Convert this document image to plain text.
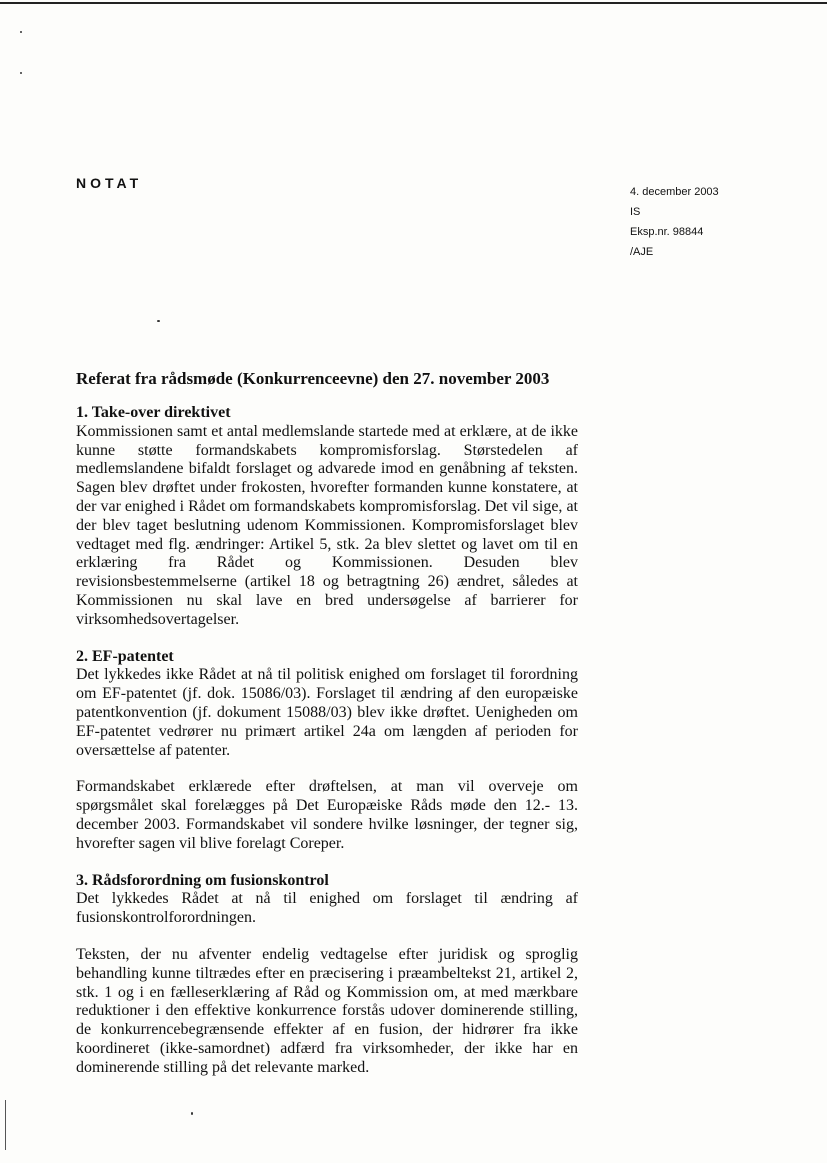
NOTAT
4. december 2003
IS
Eksp.nr. 98844
/AJE
Referat fra rådsmøde (Konkurrenceevne) den 27. november 2003
1. Take-over direktivet
Kommissionen samt et antal medlemslande startede med at erklære, at de ikke kunne støtte formandskabets kompromisforslag. Størstedelen af medlemslandene bifaldt forslaget og advarede imod en genåbning af teksten. Sagen blev drøftet under frokosten, hvorefter formanden kunne konstatere, at der var enighed i Rådet om formandskabets kompromisforslag. Det vil sige, at der blev taget beslutning udenom Kommissionen. Kompromisforslaget blev vedtaget med flg. ændringer: Artikel 5, stk. 2a blev slettet og lavet om til en erklæring fra Rådet og Kommissionen. Desuden blev revisionsbestemmelserne (artikel 18 og betragtning 26) ændret, således at Kommissionen nu skal lave en bred undersøgelse af barrierer for virksomhedsovertagelser.
2. EF-patentet
Det lykkedes ikke Rådet at nå til politisk enighed om forslaget til forordning om EF-patentet (jf. dok. 15086/03). Forslaget til ændring af den europæiske patentkonvention (jf. dokument 15088/03) blev ikke drøftet. Uenigheden om EF-patentet vedrører nu primært artikel 24a om længden af perioden for oversættelse af patenter.
Formandskabet erklærede efter drøftelsen, at man vil overveje om spørgsmålet skal forelægges på Det Europæiske Råds møde den 12.- 13. december 2003. Formandskabet vil sondere hvilke løsninger, der tegner sig, hvorefter sagen vil blive forelagt Coreper.
3. Rådsforordning om fusionskontrol
Det lykkedes Rådet at nå til enighed om forslaget til ændring af fusionskontrolforordningen.
Teksten, der nu afventer endelig vedtagelse efter juridisk og sproglig behandling kunne tiltrædes efter en præcisering i præambeltekst 21, artikel 2, stk. 1 og i en fælleserklæring af Råd og Kommission om, at med mærkbare reduktioner i den effektive konkurrence forstås udover dominerende stilling, de konkurrencebegrænsende effekter af en fusion, der hidrører fra ikke koordineret (ikke-samordnet) adfærd fra virksomheder, der ikke har en dominerende stilling på det relevante marked.
